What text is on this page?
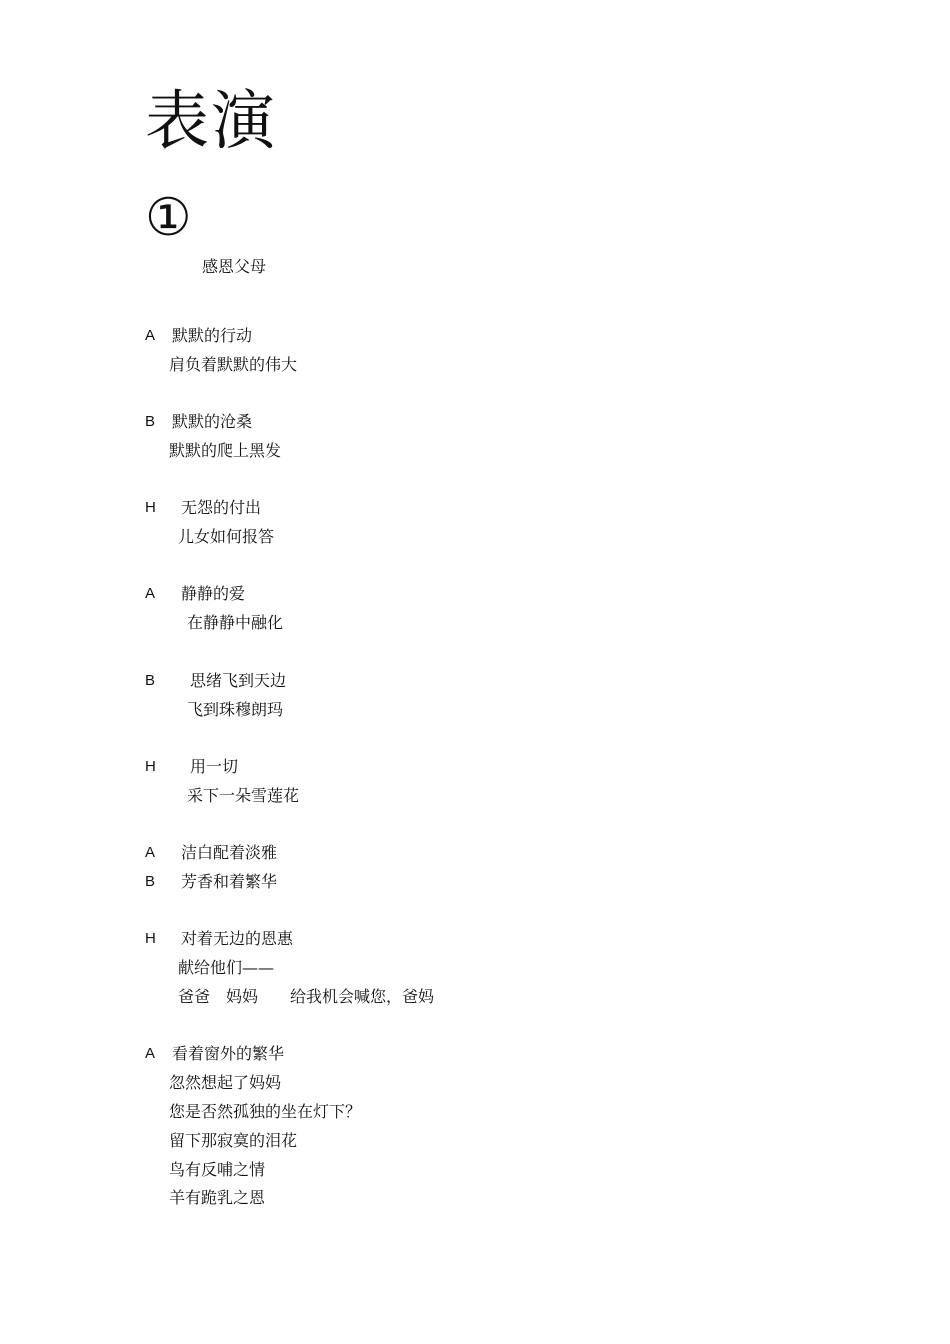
表演
①
感恩父母
A 默默的行动
肩负着默默的伟大
B 默默的沧桑
默默的爬上黑发
H 无怨的付出
儿女如何报答
A 静静的爱
在静静中融化
B 思绪飞到天边
飞到珠穆朗玛
H 用一切
采下一朵雪莲花
A 洁白配着淡雅
B 芳香和着繁华
H 对着无边的恩惠
献给他们——
爸爸　妈妈　　给我机会喊您，爸妈
A 看着窗外的繁华
忽然想起了妈妈
您是否然孤独的坐在灯下？
留下那寂寞的泪花
鸟有反哺之情
羊有跪乳之恩
